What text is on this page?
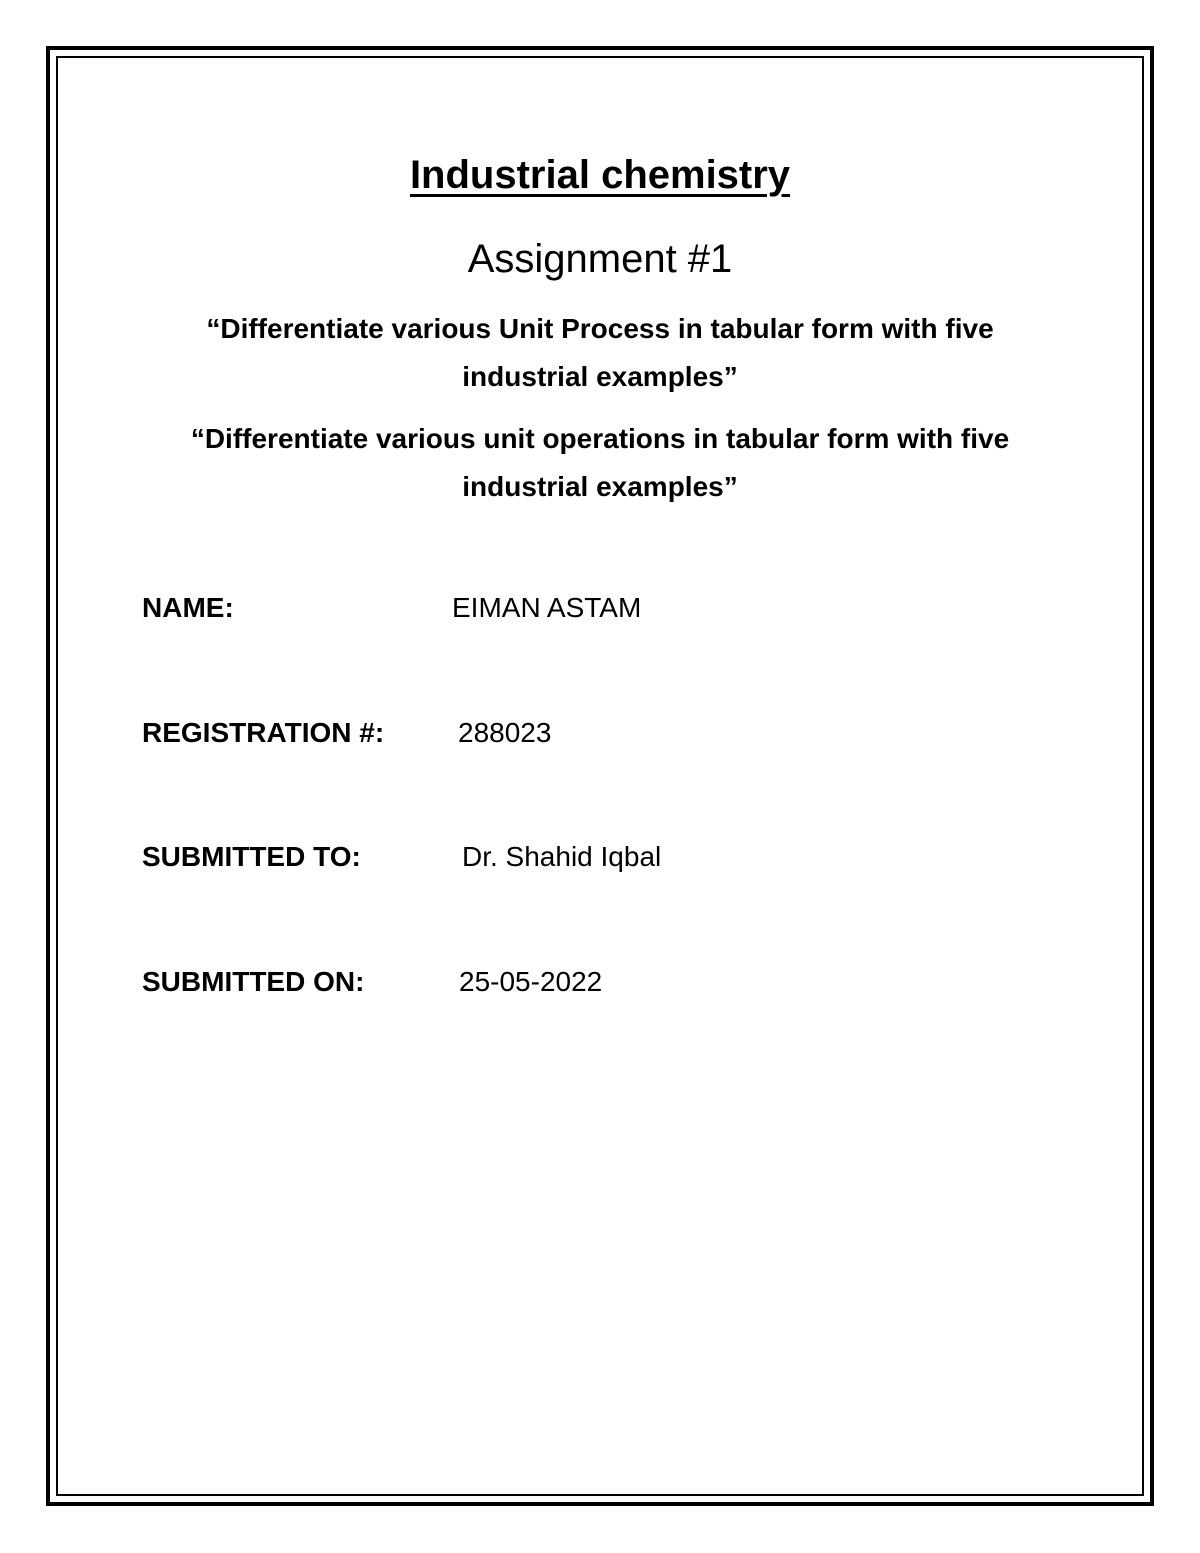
Industrial chemistry
Assignment #1
“Differentiate various Unit Process in tabular form with five industrial examples”
“Differentiate various unit operations in tabular form with five industrial examples”
NAME:	EIMAN ASTAM
REGISTRATION #:	288023
SUBMITTED TO:	Dr. Shahid Iqbal
SUBMITTED ON:	25-05-2022
